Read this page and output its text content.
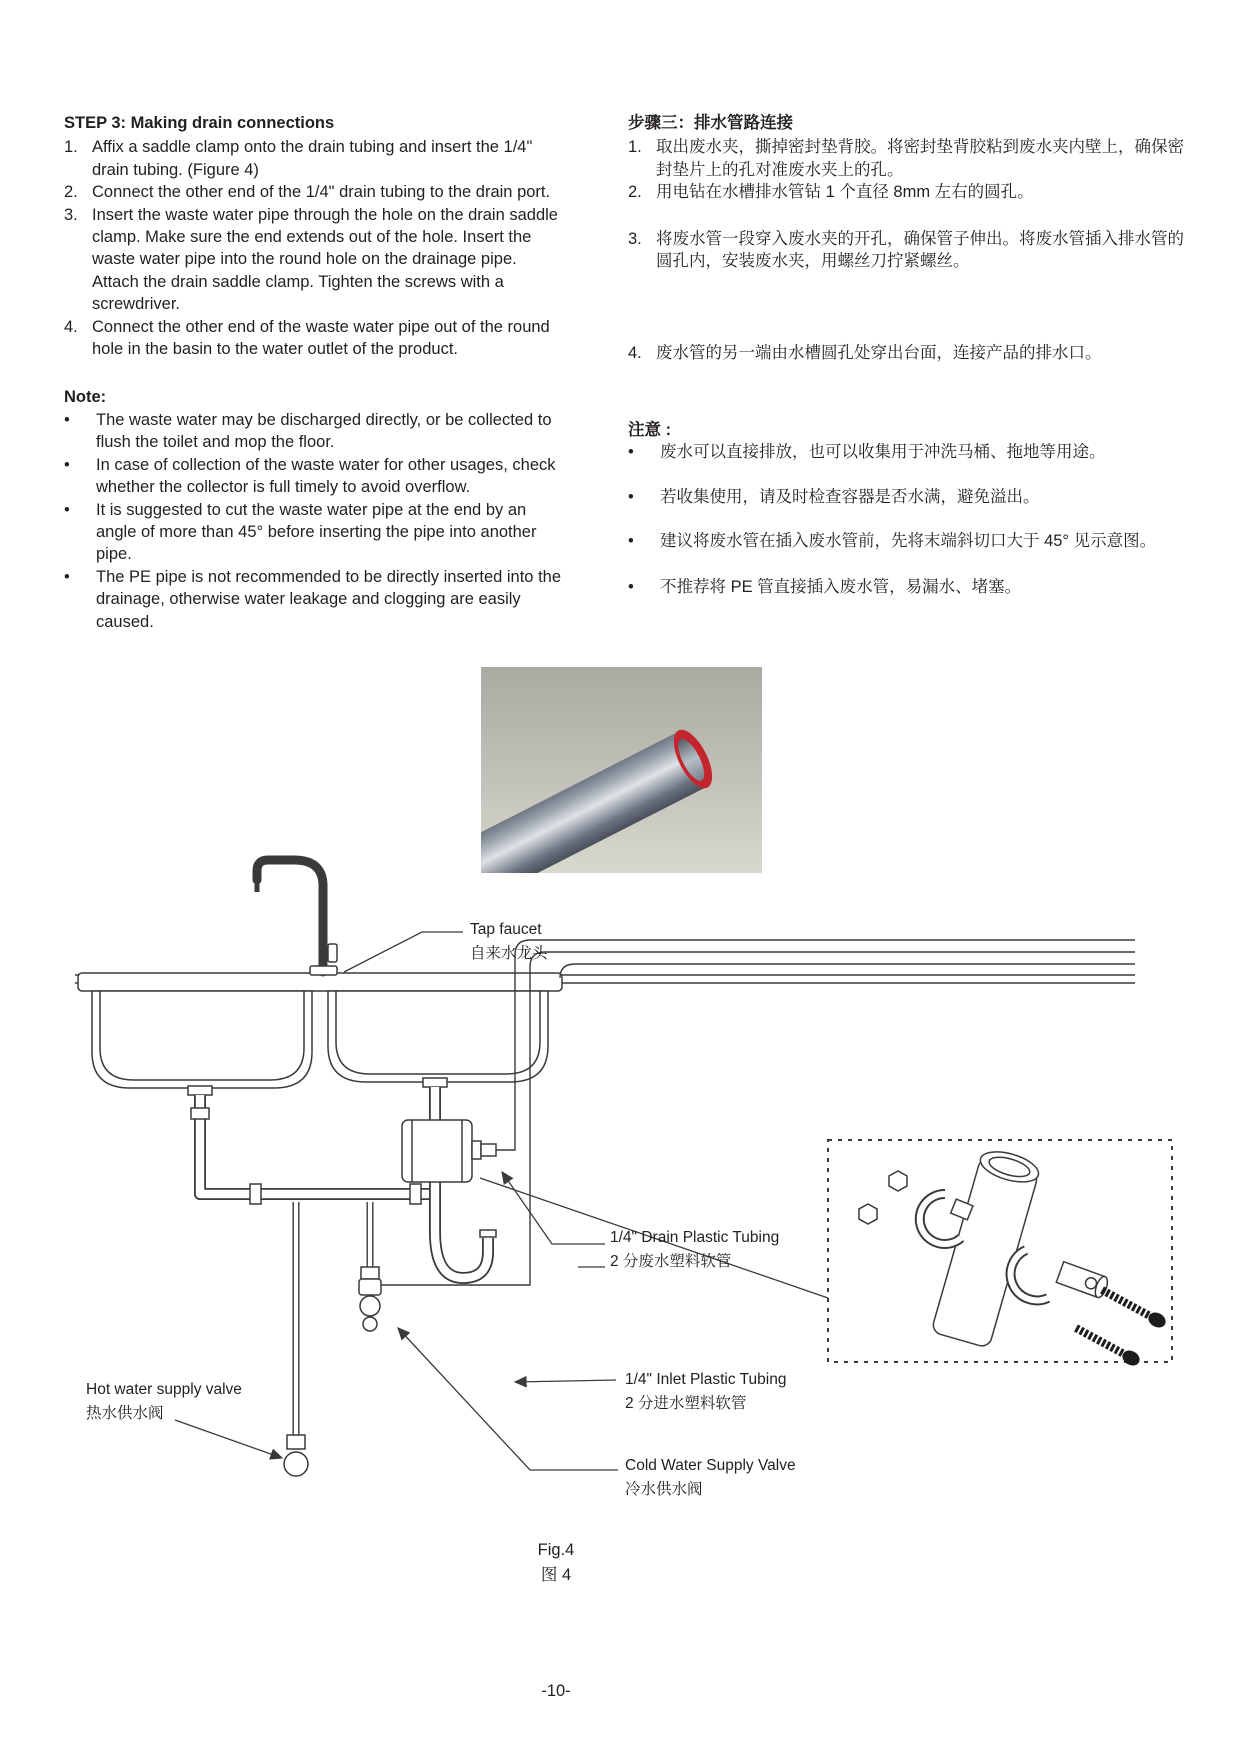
STEP 3: Making drain connections
1. Affix a saddle clamp onto the drain tubing and insert the 1/4" drain tubing. (Figure 4)
2. Connect the other end of the 1/4" drain tubing to the drain port.
3. Insert the waste water pipe through the hole on the drain saddle clamp. Make sure the end extends out of the hole. Insert the waste water pipe into the round hole on the drainage pipe. Attach the drain saddle clamp. Tighten the screws with a screwdriver.
4. Connect the other end of the waste water pipe out of the round hole in the basin to the water outlet of the product.
Note:
•	The waste water may be discharged directly, or be collected to flush the toilet and mop the floor.
•	In case of collection of the waste water for other usages, check whether the collector is full timely to avoid overflow.
•	It is suggested to cut the waste water pipe at the end by an angle of more than 45° before inserting the pipe into another pipe.
•	The PE pipe is not recommended to be directly inserted into the drainage, otherwise water leakage and clogging are easily caused.
步骤三：排水管路连接
1. 取出废水夹，撕掉密封垫背胶。将密封垫背胶粘到废水夹内壁上，确保密封垫片上的孔对准废水夹上的孔。
2. 用电钻在水槽排水管钻 1 个直径 8mm 左右的圆孔。
3. 将废水管一段穿入废水夹的开孔，确保管子伸出。将废水管插入排水管的圆孔内，安装废水夹，用螺丝刀拧紧螺丝。
4. 废水管的另一端由水槽圆孔处穿出台面，连接产品的排水口。
注意 :
•	废水可以直接排放，也可以收集用于冲洗马桶、拖地等用途。
•	若收集使用，请及时检查容器是否水满，避免溢出。
•	建议将废水管在插入废水管前，先将末端斜切口大于 45° 见示意图。
•	不推荐将 PE 管直接插入废水管，易漏水、堵塞。
Tap faucet
自来水龙头
1/4" Drain Plastic Tubing
2 分废水塑料软管
1/4" Inlet Plastic Tubing
2 分进水塑料软管
Hot water supply valve
热水供水阀
Cold Water Supply Valve
冷水供水阀
Fig.4
图 4
-10-
